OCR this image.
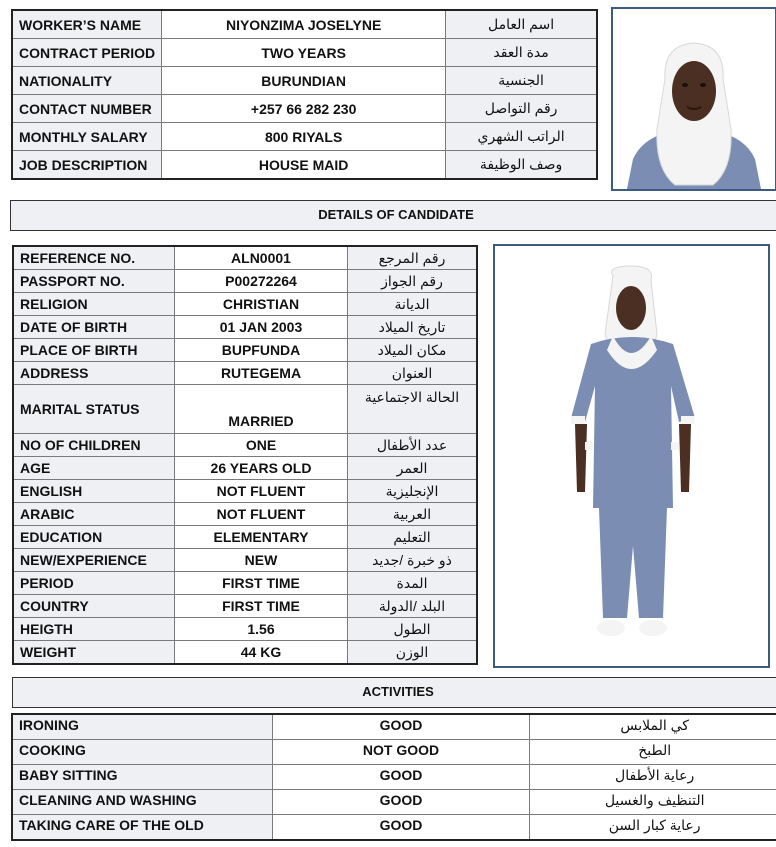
WORKER’S NAME	NIYONZIMA JOSELYNE	اسم العامل
CONTRACT PERIOD	TWO YEARS	مدة العقد
NATIONALITY	BURUNDIAN	الجنسية
CONTACT NUMBER	+257 66 282 230	رقم التواصل
MONTHLY SALARY	800 RIYALS	الراتب الشهري
JOB DESCRIPTION	HOUSE MAID	وصف الوظيفة
DETAILS OF CANDIDATE
REFERENCE NO.	ALN0001	رقم المرجع
PASSPORT NO.	P00272264	رقم الجواز
RELIGION	CHRISTIAN	الديانة
DATE OF BIRTH	01 JAN 2003	تاريخ الميلاد
PLACE OF BIRTH	BUPFUNDA	مكان الميلاد
ADDRESS	RUTEGEMA	العنوان
MARITAL STATUS	MARRIED	الحالة الاجتماعية
NO OF CHILDREN	ONE	عدد الأطفال
AGE	26 YEARS OLD	العمر
ENGLISH	NOT FLUENT	الإنجليزية
ARABIC	NOT FLUENT	العربية
EDUCATION	ELEMENTARY	التعليم
NEW/EXPERIENCE	NEW	ذو خبرة /جديد
PERIOD	FIRST TIME	المدة
COUNTRY	FIRST TIME	البلد /الدولة
HEIGTH	1.56	الطول
WEIGHT	44 KG	الوزن
ACTIVITIES
IRONING	GOOD	كي الملابس
COOKING	NOT GOOD	الطبخ
BABY SITTING	GOOD	رعاية الأطفال
CLEANING AND WASHING	GOOD	التنظيف والغسيل
TAKING CARE OF THE OLD	GOOD	رعاية كبار السن
